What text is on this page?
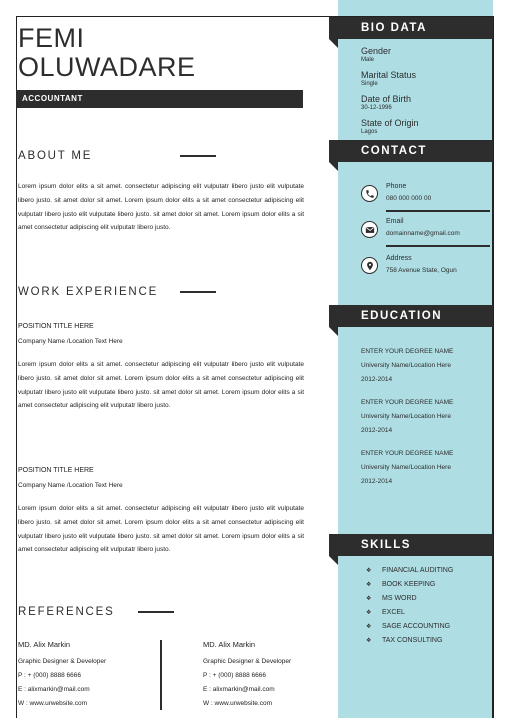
FEMI
OLUWADARE
ACCOUNTANT
ABOUT ME
Lorem ipsum dolor elits a sit amet. consectetur adipiscing elit vulputatr libero justo elit vulputate libero justo. sit amet dolor sit amet. Lorem ipsum dolor elits a sit amet consectetur adipiscing elit vulputatr libero justo elit vulputate libero justo. sit amet dolor sit amet. Lorem ipsum dolor elits a sit amet consectetur adipiscing elit vulputatr libero justo.
WORK EXPERIENCE
POSITION TITLE HERE
Company Name /Location Text Here
Lorem ipsum dolor elits a sit amet. consectetur adipiscing elit vulputatr libero justo elit vulputate libero justo. sit amet dolor sit amet. Lorem ipsum dolor elits a sit amet consectetur adipiscing elit vulputatr libero justo elit vulputate libero justo. sit amet dolor sit amet. Lorem ipsum dolor elits a sit amet consectetur adipiscing elit vulputatr libero justo.
POSITION TITLE HERE
Company Name /Location Text Here
Lorem ipsum dolor elits a sit amet. consectetur adipiscing elit vulputatr libero justo elit vulputate libero justo. sit amet dolor sit amet. Lorem ipsum dolor elits a sit amet consectetur adipiscing elit vulputatr libero justo elit vulputate libero justo. sit amet dolor sit amet. Lorem ipsum dolor elits a sit amet consectetur adipiscing elit vulputatr libero justo.
REFERENCES
MD. Alix Markin
Graphic Designer & Developer
P : + (000) 8888 6666
E : alixmarkin@mail.com
W : www.urwebsite.com
MD. Alix Markin
Graphic Designer & Developer
P : + (000) 8888 6666
E : alixmarkin@mail.com
W : www.urwebsite.com
BIO DATA
Gender
Male
Marital Status
Single
Date of Birth
30-12-1996
State of Origin
Lagos
CONTACT
Phone
080 000 000 00
Email
domainname@gmail.com
Address
758 Avenue State, Ogun
EDUCATION
ENTER YOUR DEGREE NAME
University Name/Location Here
2012-2014
ENTER YOUR DEGREE NAME
University Name/Location Here
2012-2014
ENTER YOUR DEGREE NAME
University Name/Location Here
2012-2014
SKILLS
❖ FINANCIAL AUDITING
❖ BOOK KEEPING
❖ MS WORD
❖ EXCEL
❖ SAGE ACCOUNTING
❖ TAX CONSULTING
